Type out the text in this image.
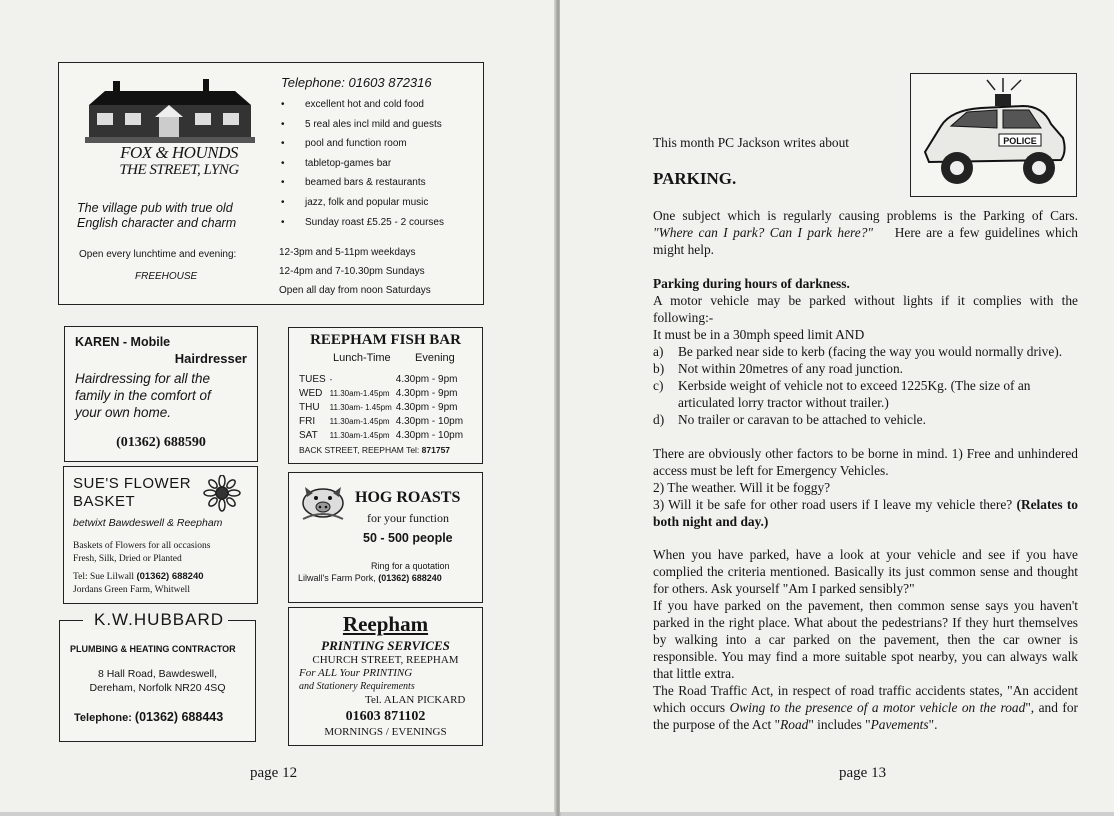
FOX & HOUNDS
THE STREET, LYNG
The village pub with true old
English character and charm
Open every lunchtime and evening:
FREEHOUSE
Telephone: 01603 872316
• excellent hot and cold food
• 5 real ales incl mild and guests
• pool and function room
• tabletop-games bar
• beamed bars & restaurants
• jazz, folk and popular music
• Sunday roast £5.25 - 2 courses
12-3pm and 5-11pm weekdays
12-4pm and 7-10.30pm Sundays
Open all day from noon Saturdays
KAREN - Mobile
Hairdresser
Hairdressing for all the
family in the comfort of
your own home.
(01362) 688590
REEPHAM FISH BAR
Lunch-Time Evening
TUES	-	4.30pm - 9pm
WED	11.30am-1.45pm	4.30pm - 9pm
THU	11.30am- 1.45pm	4.30pm - 9pm
FRI	11.30am-1.45pm	4.30pm - 10pm
SAT	11.30am-1.45pm	4.30pm - 10pm
BACK STREET, REEPHAM Tel: 871757
SUE'S FLOWER
BASKET
betwixt Bawdeswell & Reepham
Baskets of Flowers for all occasions
Fresh, Silk, Dried or Planted
Tel: Sue Lilwall (01362) 688240
Jordans Green Farm, Whitwell
HOG ROASTS
for your function
50 - 500 people
Ring for a quotation
Lilwall's Farm Pork, (01362) 688240
K.W.HUBBARD
PLUMBING & HEATING CONTRACTOR
8 Hall Road, Bawdeswell,
Dereham, Norfolk NR20 4SQ
Telephone: (01362) 688443
Reepham
PRINTING SERVICES
CHURCH STREET, REEPHAM
For ALL Your PRINTING
and Stationery Requirements
Tel. ALAN PICKARD
01603 871102
MORNINGS / EVENINGS
page 12	page 13
This month PC Jackson writes about	POLICE
PARKING.
One subject which is regularly causing problems is the Parking of Cars. "Where can I park? Can I park here?" Here are a few guidelines which might help.
Parking during hours of darkness.
A motor vehicle may be parked without lights if it complies with the following:-
It must be in a 30mph speed limit AND
a) Be parked near side to kerb (facing the way you would normally drive).
b) Not within 20metres of any road junction.
c) Kerbside weight of vehicle not to exceed 1225Kg. (The size of an articulated lorry tractor without trailer.)
d) No trailer or caravan to be attached to vehicle.
There are obviously other factors to be borne in mind. 1) Free and unhindered access must be left for Emergency Vehicles.
2) The weather. Will it be foggy?
3) Will it be safe for other road users if I leave my vehicle there? (Relates to both night and day.)
When you have parked, have a look at your vehicle and see if you have complied the criteria mentioned. Basically its just common sense and thought for others. Ask yourself "Am I parked sensibly?"
If you have parked on the pavement, then common sense says you haven't parked in the right place. What about the pedestrians? If they hurt themselves by walking into a car parked on the pavement, then the car owner is responsible. You may find a more suitable spot nearby, you can always walk that little extra.
The Road Traffic Act, in respect of road traffic accidents states, "An accident which occurs Owing to the presence of a motor vehicle on the road", and for the purpose of the Act "Road" includes "Pavements".
